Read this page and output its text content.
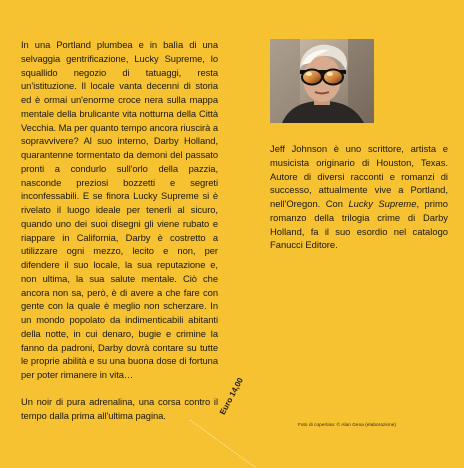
In una Portland plumbea e in balìa di una selvaggia gentrificazione, Lucky Supreme, lo squallido negozio di tatuaggi, resta un'istituzione. Il locale vanta decenni di storia ed è ormai un'enorme croce nera sulla mappa mentale della brulicante vita notturna della Città Vecchia. Ma per quanto tempo ancora riuscirà a sopravvivere? Al suo interno, Darby Holland, quarantenne tormentato da demoni del passato pronti a condurlo sull'orlo della pazzia, nasconde preziosi bozzetti e segreti inconfessabili. E se finora Lucky Supreme si è rivelato il luogo ideale per tenerli al sicuro, quando uno dei suoi disegni gli viene rubato e riappare in California, Darby è costretto a utilizzare ogni mezzo, lecito e non, per difendere il suo locale, la sua reputazione e, non ultima, la sua salute mentale. Ciò che ancora non sa, però, è di avere a che fare con gente con la quale è meglio non scherzare. In un mondo popolato da indimenticabili abitanti della notte, in cui denaro, bugie e crimine la fanno da padroni, Darby dovrà contare su tutte le proprie abilità e su una buona dose di fortuna per poter rimanere in vita…

Un noir di pura adrenalina, una corsa contro il tempo dalla prima all'ultima pagina.

Jeff Johnson è uno scrittore, artista e musicista originario di Houston, Texas. Autore di diversi racconti e romanzi di successo, attualmente vive a Portland, nell'Oregon. Con Lucky Supreme, primo romanzo della trilogia crime di Darby Holland, fa il suo esordio nel catalogo Fanucci Editore.

Foto di copertina: © Alan Gena (elaborazione)
Euro 14,00
